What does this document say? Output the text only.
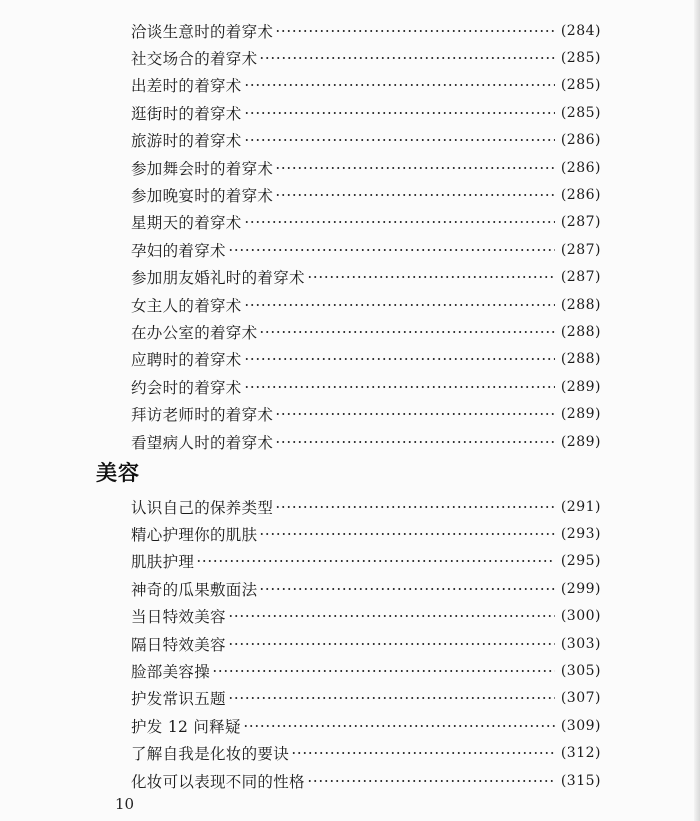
洽谈生意时的着穿术	(284)
社交场合的着穿术	(285)
出差时的着穿术	(285)
逛街时的着穿术	(285)
旅游时的着穿术	(286)
参加舞会时的着穿术	(286)
参加晚宴时的着穿术	(286)
星期天的着穿术	(287)
孕妇的着穿术	(287)
参加朋友婚礼时的着穿术	(287)
女主人的着穿术	(288)
在办公室的着穿术	(288)
应聘时的着穿术	(288)
约会时的着穿术	(289)
拜访老师时的着穿术	(289)
看望病人时的着穿术	(289)
美容
认识自己的保养类型	(291)
精心护理你的肌肤	(293)
肌肤护理	(295)
神奇的瓜果敷面法	(299)
当日特效美容	(300)
隔日特效美容	(303)
脸部美容操	(305)
护发常识五题	(307)
护发 12 问释疑	(309)
了解自我是化妆的要诀	(312)
化妆可以表现不同的性格	(315)
10
